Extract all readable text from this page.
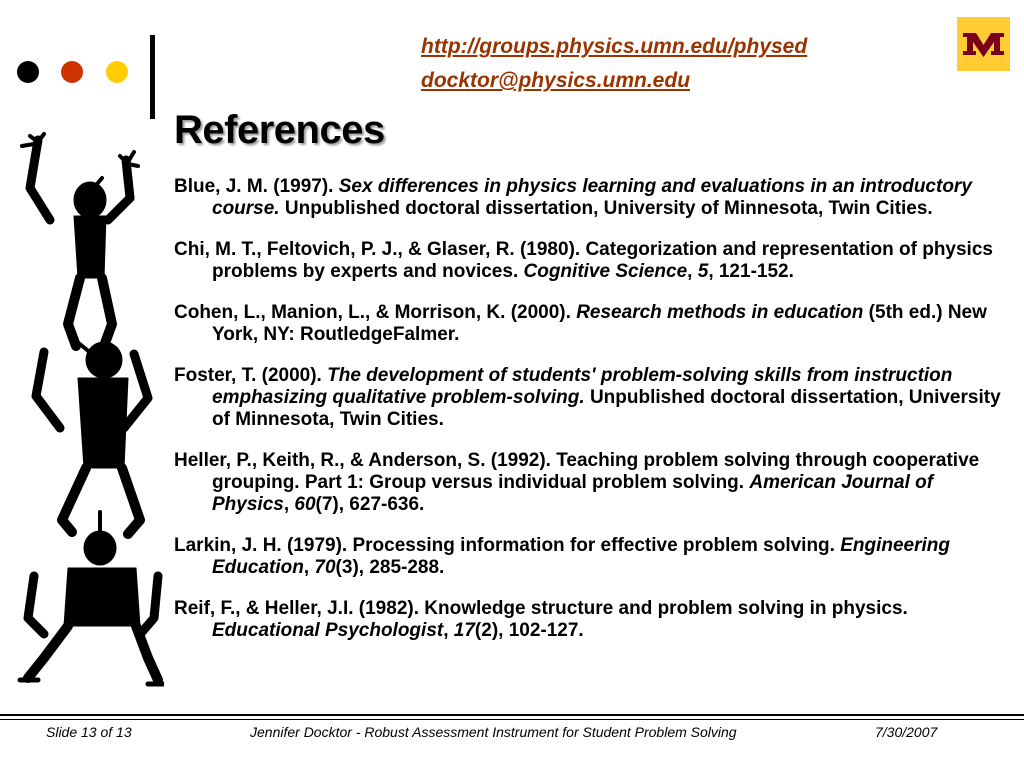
http://groups.physics.umn.edu/physed
docktor@physics.umn.edu
References
Blue, J. M. (1997). Sex differences in physics learning and evaluations in an introductory course. Unpublished doctoral dissertation, University of Minnesota, Twin Cities.
Chi, M. T., Feltovich, P. J., & Glaser, R. (1980). Categorization and representation of physics problems by experts and novices. Cognitive Science, 5, 121-152.
Cohen, L., Manion, L., & Morrison, K. (2000). Research methods in education (5th ed.) New York, NY: RoutledgeFalmer.
Foster, T. (2000). The development of students' problem-solving skills from instruction emphasizing qualitative problem-solving. Unpublished doctoral dissertation, University of Minnesota, Twin Cities.
Heller, P., Keith, R., & Anderson, S. (1992). Teaching problem solving through cooperative grouping. Part 1: Group versus individual problem solving. American Journal of Physics, 60(7), 627-636.
Larkin, J. H. (1979). Processing information for effective problem solving. Engineering Education, 70(3), 285-288.
Reif, F., & Heller, J.I. (1982). Knowledge structure and problem solving in physics. Educational Psychologist, 17(2), 102-127.
Slide 13 of 13	Jennifer Docktor - Robust Assessment Instrument for Student Problem Solving	7/30/2007
